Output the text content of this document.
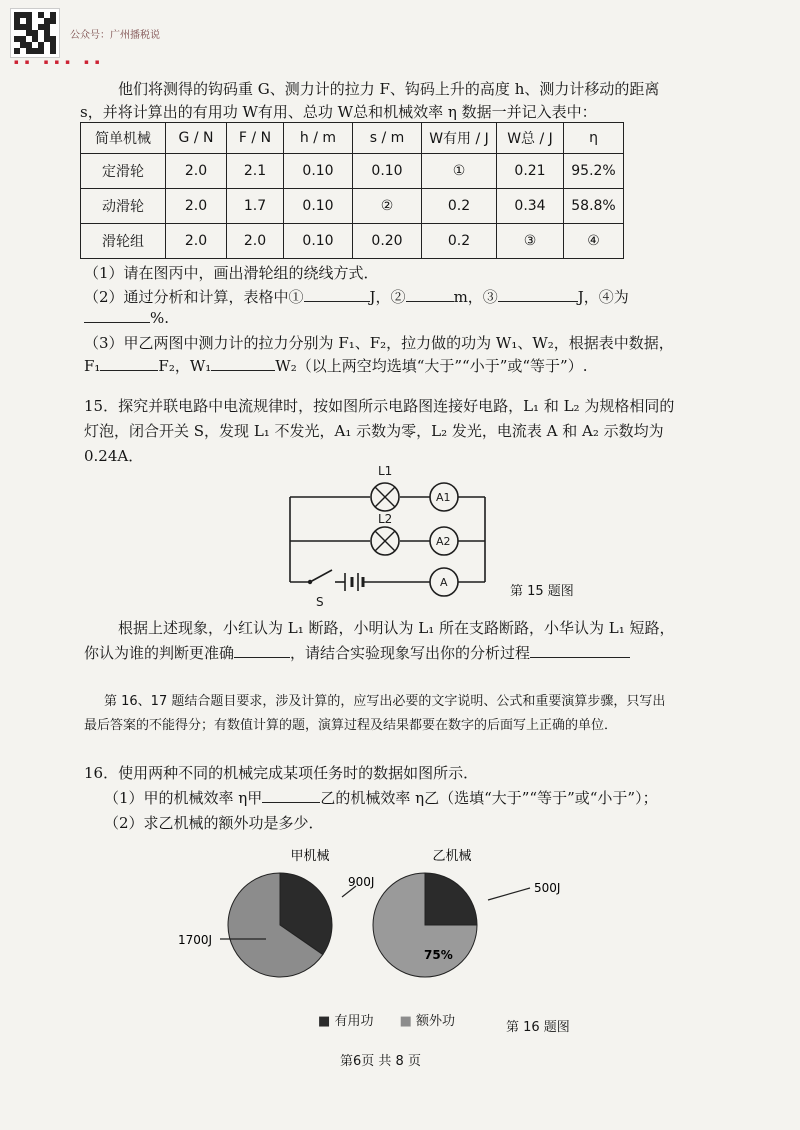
公众号：广州播税说
▪▪ ▪▪▪ ▪▪
他们将测得的钩码重 G、测力计的拉力 F、钩码上升的高度 h、测力计移动的距离
s，并将计算出的有用功 W有用、总功 W总和机械效率 η 数据一并记入表中：
简单机械	G / N	F / N	h / m	s / m	W有用 / J	W总 / J	η
定滑轮	2.0	2.1	0.10	0.10	①	0.21	95.2%
动滑轮	2.0	1.7	0.10	②	0.2	0.34	58.8%
滑轮组	2.0	2.0	0.10	0.20	0.2	③	④
（1）请在图丙中，画出滑轮组的绕线方式．
（2）通过分析和计算，表格中①	J，②	m，③	J，④为
%.
（3）甲乙两图中测力计的拉力分别为 F₁、F₂，拉力做的功为 W₁、W₂，根据表中数据，
F₁	F₂，W₁	W₂（以上两空均选填“大于”“小于”或“等于”）.
15．探究并联电路中电流规律时，按如图所示电路图连接好电路，L₁ 和 L₂ 为规格相同的
灯泡，闭合开关 S，发现 L₁ 不发光，A₁ 示数为零，L₂ 发光，电流表 A 和 A₂ 示数均为
0.24A．
L1
L2
A1
A2
A
S
第 15 题图
根据上述现象，小红认为 L₁ 断路，小明认为 L₁ 所在支路断路，小华认为 L₁ 短路，
你认为谁的判断更准确	，请结合实验现象写出你的分析过程
第 16、17 题结合题目要求，涉及计算的，应写出必要的文字说明、公式和重要演算步骤，只写出
最后答案的不能得分；有数值计算的题，演算过程及结果都要在数字的后面写上正确的单位．
16．使用两种不同的机械完成某项任务时的数据如图所示．
（1）甲的机械效率 η甲	乙的机械效率 η乙（选填“大于”“等于”或“小于”）；
（2）求乙机械的额外功是多少．
甲机械	乙机械
900J
1700J
500J
75%
■ 有用功 ■ 额外功	第 16 题图
第6页 共 8 页
